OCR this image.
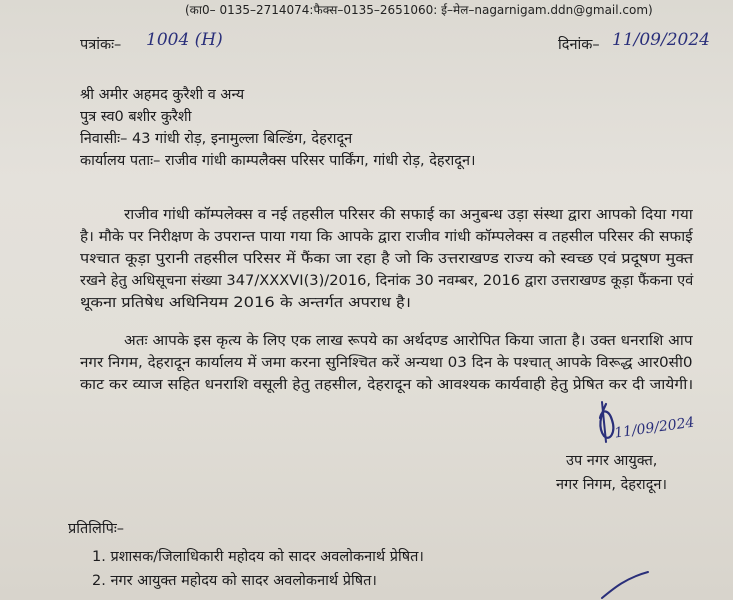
(का0– 0135–2714074:फैक्स–0135–2651060: ई–मेल–nagarnigam.ddn@gmail.com)
पत्रांकः– 1004 (H)	दिनांक– 11/09/2024
श्री अमीर अहमद कुरैशी व अन्य
पुत्र स्व0 बशीर कुरैशी
निवासीः– 43 गांधी रोड़, इनामुल्ला बिल्डिंग, देहरादून
कार्यालय पताः– राजीव गांधी काम्पलैक्स परिसर पार्किंग, गांधी रोड़, देहरादून।
राजीव गांधी कॉम्पलेक्स व नई तहसील परिसर की सफाई का अनुबन्ध उड़ा संस्था द्वारा आपको दिया गया
है। मौके पर निरीक्षण के उपरान्त पाया गया कि आपके द्वारा राजीव गांधी कॉम्पलेक्स व तहसील परिसर की सफाई
पश्चात कूड़ा पुरानी तहसील परिसर में फैंका जा रहा है जो कि उत्तराखण्ड राज्य को स्वच्छ एवं प्रदूषण मुक्त
रखने हेतु अधिसूचना संख्या 347/XXXVI(3)/2016, दिनांक 30 नवम्बर, 2016 द्वारा उत्तराखण्ड कूड़ा फैंकना एवं
थूकना प्रतिषेध अधिनियम 2016 के अन्तर्गत अपराध है।
अतः आपके इस कृत्य के लिए एक लाख रूपये का अर्थदण्ड आरोपित किया जाता है। उक्त धनराशि आप
नगर निगम, देहरादून कार्यालय में जमा करना सुनिश्चित करें अन्यथा 03 दिन के पश्चात् आपके विरूद्ध आर0सी0
काट कर व्याज सहित धनराशि वसूली हेतु तहसील, देहरादून को आवश्यक कार्यवाही हेतु प्रेषित कर दी जायेगी।
11/09/2024
उप नगर आयुक्त,
नगर निगम, देहरादून।
प्रतिलिपिः–
1. प्रशासक/जिलाधिकारी महोदय को सादर अवलोकनार्थ प्रेषित।
2. नगर आयुक्त महोदय को सादर अवलोकनार्थ प्रेषित।
